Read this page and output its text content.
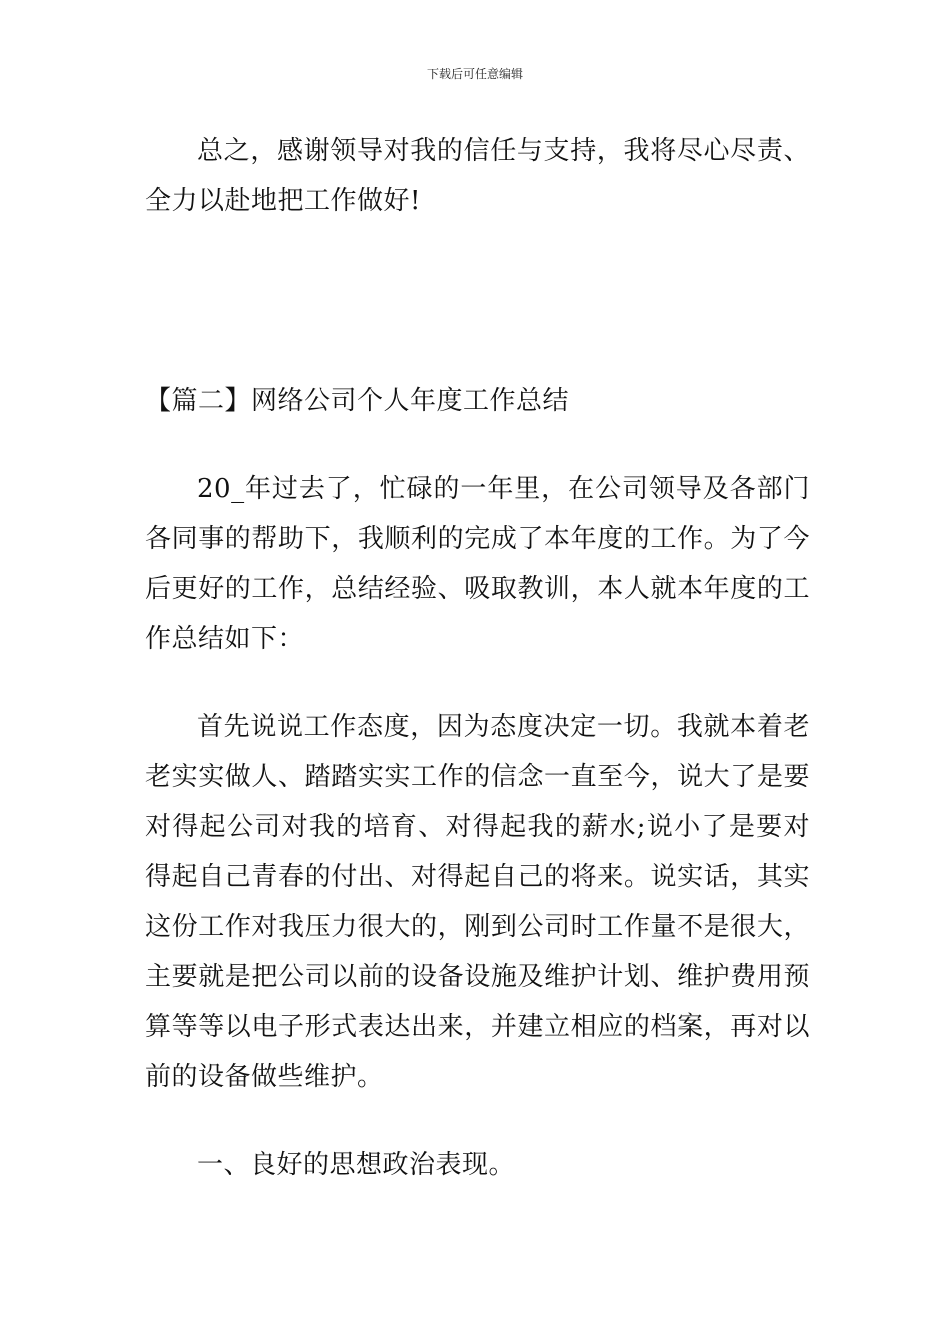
下载后可任意编辑

总之，感谢领导对我的信任与支持，我将尽心尽责、全力以赴地把工作做好!

【篇二】网络公司个人年度工作总结

20_年过去了，忙碌的一年里，在公司领导及各部门各同事的帮助下，我顺利的完成了本年度的工作。为了今后更好的工作，总结经验、吸取教训，本人就本年度的工作总结如下：

首先说说工作态度，因为态度决定一切。我就本着老老实实做人、踏踏实实工作的信念一直至今，说大了是要对得起公司对我的培育、对得起我的薪水;说小了是要对得起自己青春的付出、对得起自己的将来。说实话，其实这份工作对我压力很大的，刚到公司时工作量不是很大，主要就是把公司以前的设备设施及维护计划、维护费用预算等等以电子形式表达出来，并建立相应的档案，再对以前的设备做些维护。

一、良好的思想政治表现。
